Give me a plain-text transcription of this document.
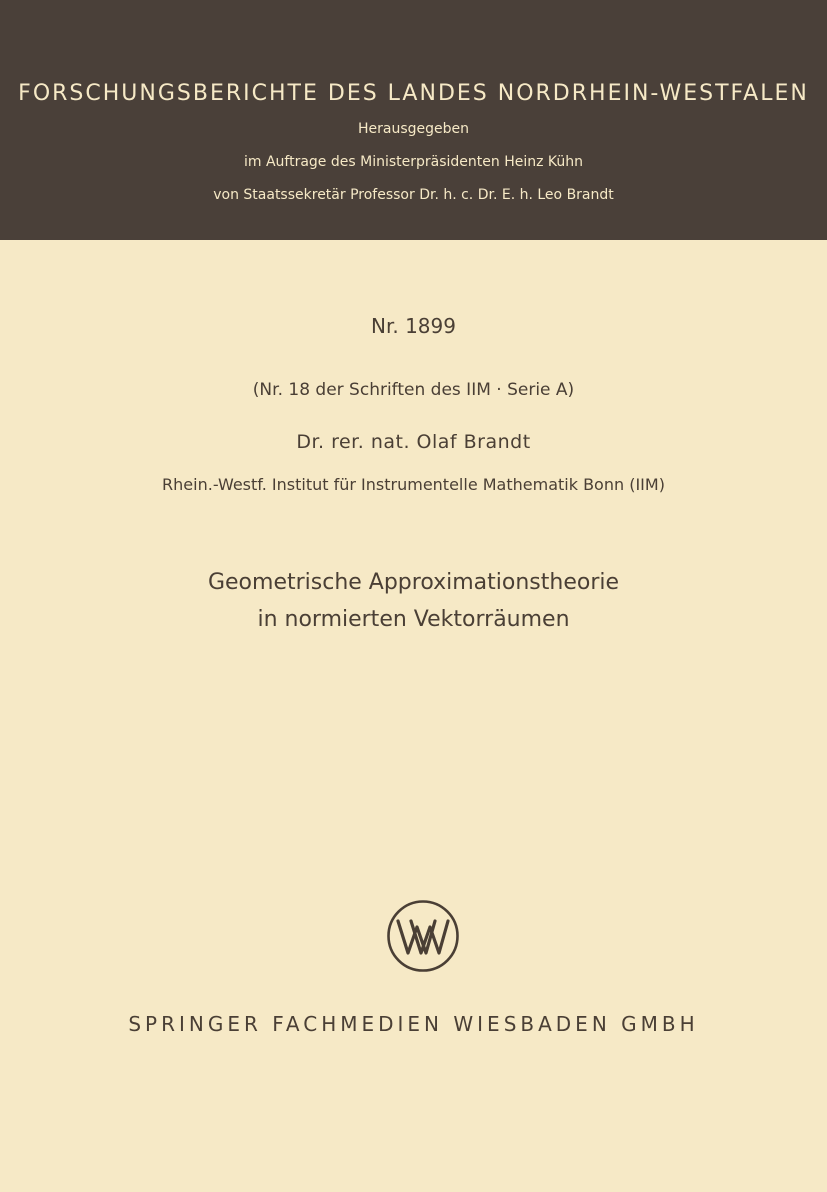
FORSCHUNGSBERICHTE DES LANDES NORDRHEIN-WESTFALEN
Herausgegeben
im Auftrage des Ministerpräsidenten Heinz Kühn
von Staatssekretär Professor Dr. h. c. Dr. E. h. Leo Brandt
Nr. 1899
(Nr. 18 der Schriften des IIM · Serie A)
Dr. rer. nat. Olaf Brandt
Rhein.-Westf. Institut für Instrumentelle Mathematik Bonn (IIM)
Geometrische Approximationstheorie
in normierten Vektorräumen
SPRINGER FACHMEDIEN WIESBADEN GMBH
